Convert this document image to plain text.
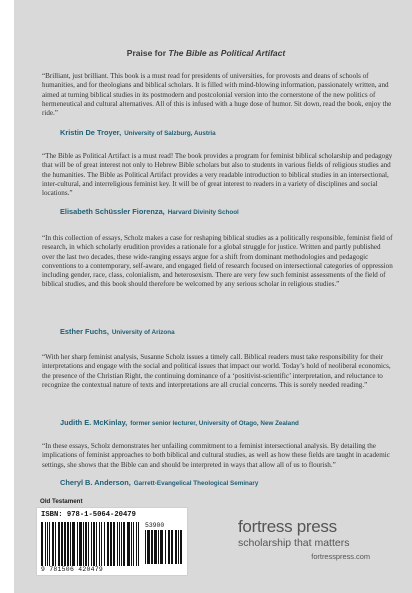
Praise for The Bible as Political Artifact

“Brilliant, just brilliant. This book is a must read for presidents of universities, for provosts and deans of schools of humanities, and for theologians and biblical scholars. It is filled with mind-blowing information, passionately written, and aimed at turning biblical studies in its postmodern and postcolonial version into the cornerstone of the new politics of hermeneutical and cultural alternatives. All of this is infused with a huge dose of humor. Sit down, read the book, enjoy the ride.”

Kristin De Troyer, University of Salzburg, Austria

“The Bible as Political Artifact is a must read! The book provides a program for feminist biblical scholarship and pedagogy that will be of great interest not only to Hebrew Bible scholars but also to students in various fields of religious studies and the humanities. The Bible as Political Artifact provides a very readable introduction to biblical studies in an intersectional, inter-cultural, and interreligious feminist key. It will be of great interest to readers in a variety of disciplines and social locations.”

Elisabeth Schüssler Fiorenza, Harvard Divinity School

“In this collection of essays, Scholz makes a case for reshaping biblical studies as a politically responsible, feminist field of research, in which scholarly erudition provides a rationale for a global struggle for justice. Written and partly published over the last two decades, these wide-ranging essays argue for a shift from dominant methodologies and pedagogic conventions to a contemporary, self-aware, and engaged field of research focused on intersectional categories of oppression including gender, race, class, colonialism, and heterosexism. There are very few such feminist assessments of the field of biblical studies, and this book should therefore be welcomed by any serious scholar in religious studies.”

Esther Fuchs, University of Arizona

“With her sharp feminist analysis, Susanne Scholz issues a timely call. Biblical readers must take responsibility for their interpretations and engage with the social and political issues that impact our world. Today’s hold of neoliberal economics, the presence of the Christian Right, the continuing dominance of a ‘positivist-scientific’ interpretation, and reluctance to recognize the contextual nature of texts and interpretations are all crucial concerns. This is sorely needed reading.”

Judith E. McKinlay, former senior lecturer, University of Otago, New Zealand

“In these essays, Scholz demonstrates her unfailing commitment to a feminist intersectional analysis. By detailing the implications of feminist approaches to both biblical and cultural studies, as well as how these fields are taught in academic settings, she shows that the Bible can and should be interpreted in ways that allow all of us to flourish.”

Cheryl B. Anderson, Garrett-Evangelical Theological Seminary
Old Testament
ISBN: 978-1-5064-20479
53900
9 781506 420479
fortress press
scholarship that matters
fortresspress.com
